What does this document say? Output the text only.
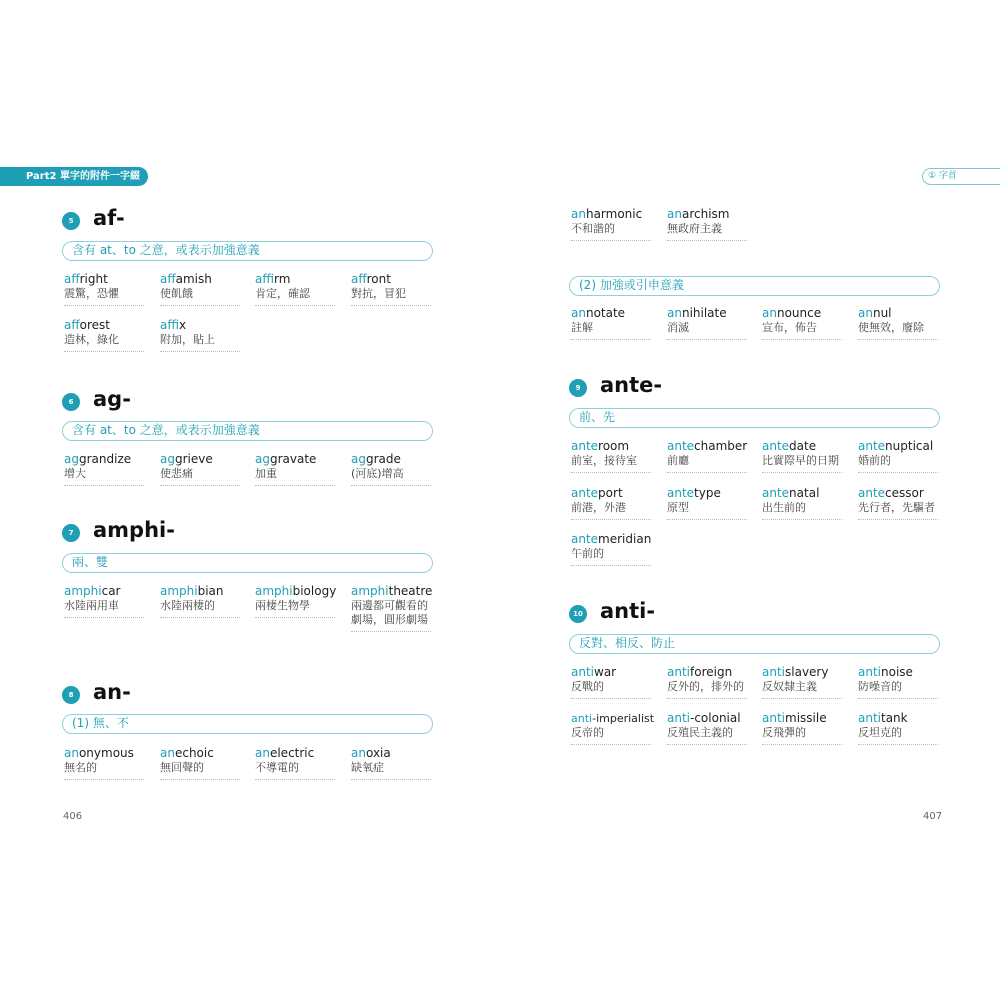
Part2 單字的附件一字綴	① 字首
5 af-
含有 at、to 之意，或表示加強意義
affright
震驚，恐懼
affamish
使飢餓
affirm
肯定，確認
affront
對抗，冒犯
afforest
造林，綠化
affix
附加，貼上
6 ag-
含有 at、to 之意，或表示加強意義
aggrandize
增大
aggrieve
使悲痛
aggravate
加重
aggrade
(河底)增高
7 amphi-
兩、雙
amphicar
水陸兩用車
amphibian
水陸兩棲的
amphibiology
兩棲生物學
amphitheatre
兩邊都可觀看的劇場，圓形劇場
8 an-
(1) 無、不
anonymous
無名的
anechoic
無回聲的
anelectric
不導電的
anoxia
缺氧症
406
anharmonic
不和諧的
anarchism
無政府主義
(2) 加強或引申意義
annotate
註解
annihilate
消滅
announce
宣布，佈告
annul
使無效，廢除
9 ante-
前、先
anteroom
前室，接待室
antechamber
前廳
antedate
比實際早的日期
antenuptical
婚前的
anteport
前港，外港
antetype
原型
antenatal
出生前的
antecessor
先行者，先驅者
antemeridian
午前的
10 anti-
反對、相反、防止
antiwar
反戰的
antiforeign
反外的，排外的
antislavery
反奴隸主義
antinoise
防噪音的
anti-imperialist
反帝的
anti-colonial
反殖民主義的
antimissile
反飛彈的
antitank
反坦克的
407
